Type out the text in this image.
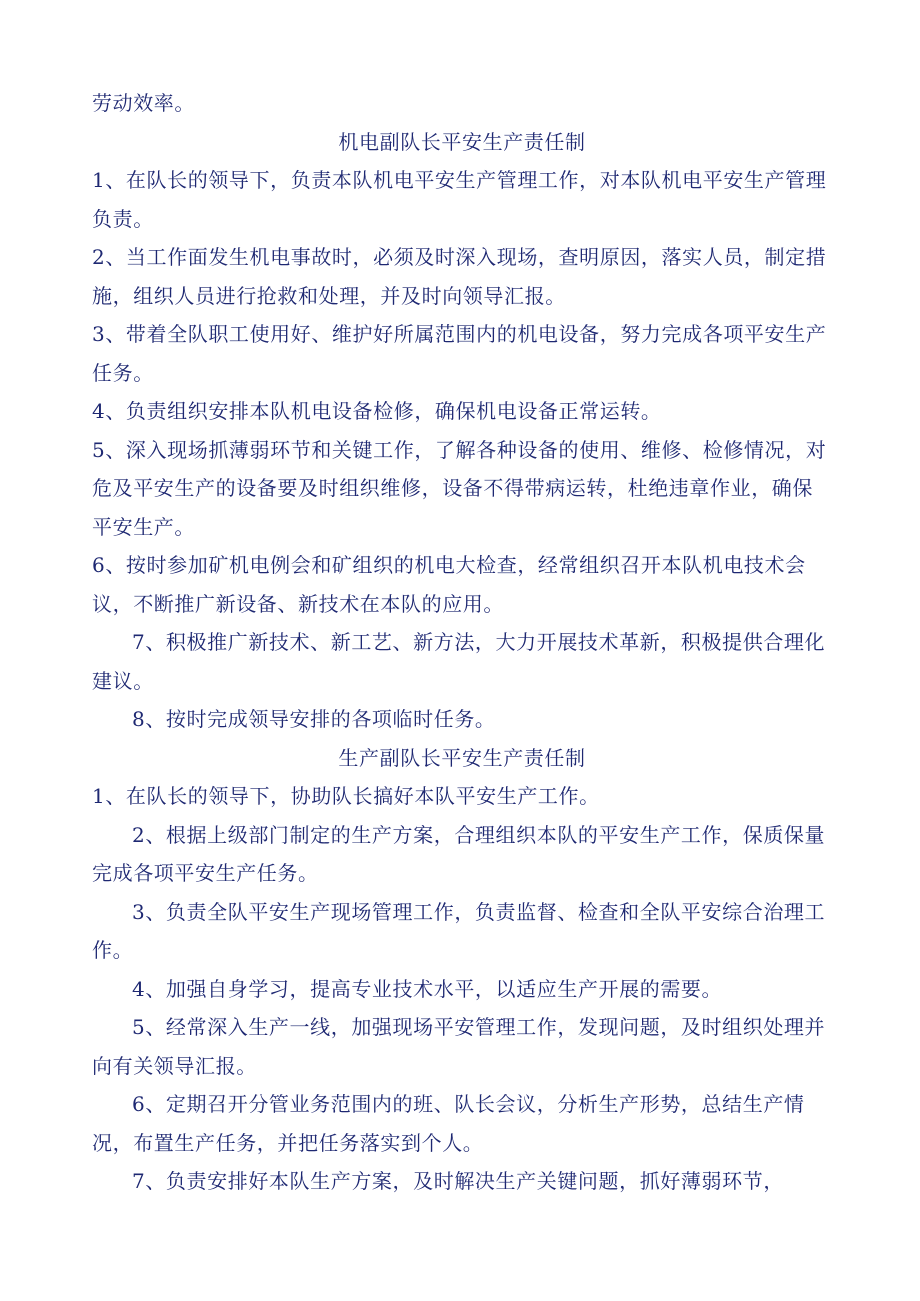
劳动效率。

机电副队长平安生产责任制

1、在队长的领导下，负责本队机电平安生产管理工作，对本队机电平安生产管理负责。

2、当工作面发生机电事故时，必须及时深入现场，查明原因，落实人员，制定措施，组织人员进行抢救和处理，并及时向领导汇报。

3、带着全队职工使用好、维护好所属范围内的机电设备，努力完成各项平安生产任务。

4、负责组织安排本队机电设备检修，确保机电设备正常运转。

5、深入现场抓薄弱环节和关键工作，了解各种设备的使用、维修、检修情况，对危及平安生产的设备要及时组织维修，设备不得带病运转，杜绝违章作业，确保平安生产。

6、按时参加矿机电例会和矿组织的机电大检查，经常组织召开本队机电技术会议，不断推广新设备、新技术在本队的应用。

7、积极推广新技术、新工艺、新方法，大力开展技术革新，积极提供合理化建议。

8、按时完成领导安排的各项临时任务。

生产副队长平安生产责任制

1、在队长的领导下，协助队长搞好本队平安生产工作。

2、根据上级部门制定的生产方案，合理组织本队的平安生产工作，保质保量完成各项平安生产任务。

3、负责全队平安生产现场管理工作，负责监督、检查和全队平安综合治理工作。

4、加强自身学习，提高专业技术水平，以适应生产开展的需要。

5、经常深入生产一线，加强现场平安管理工作，发现问题，及时组织处理并向有关领导汇报。

6、定期召开分管业务范围内的班、队长会议，分析生产形势，总结生产情况，布置生产任务，并把任务落实到个人。

7、负责安排好本队生产方案，及时解决生产关键问题，抓好薄弱环节，
